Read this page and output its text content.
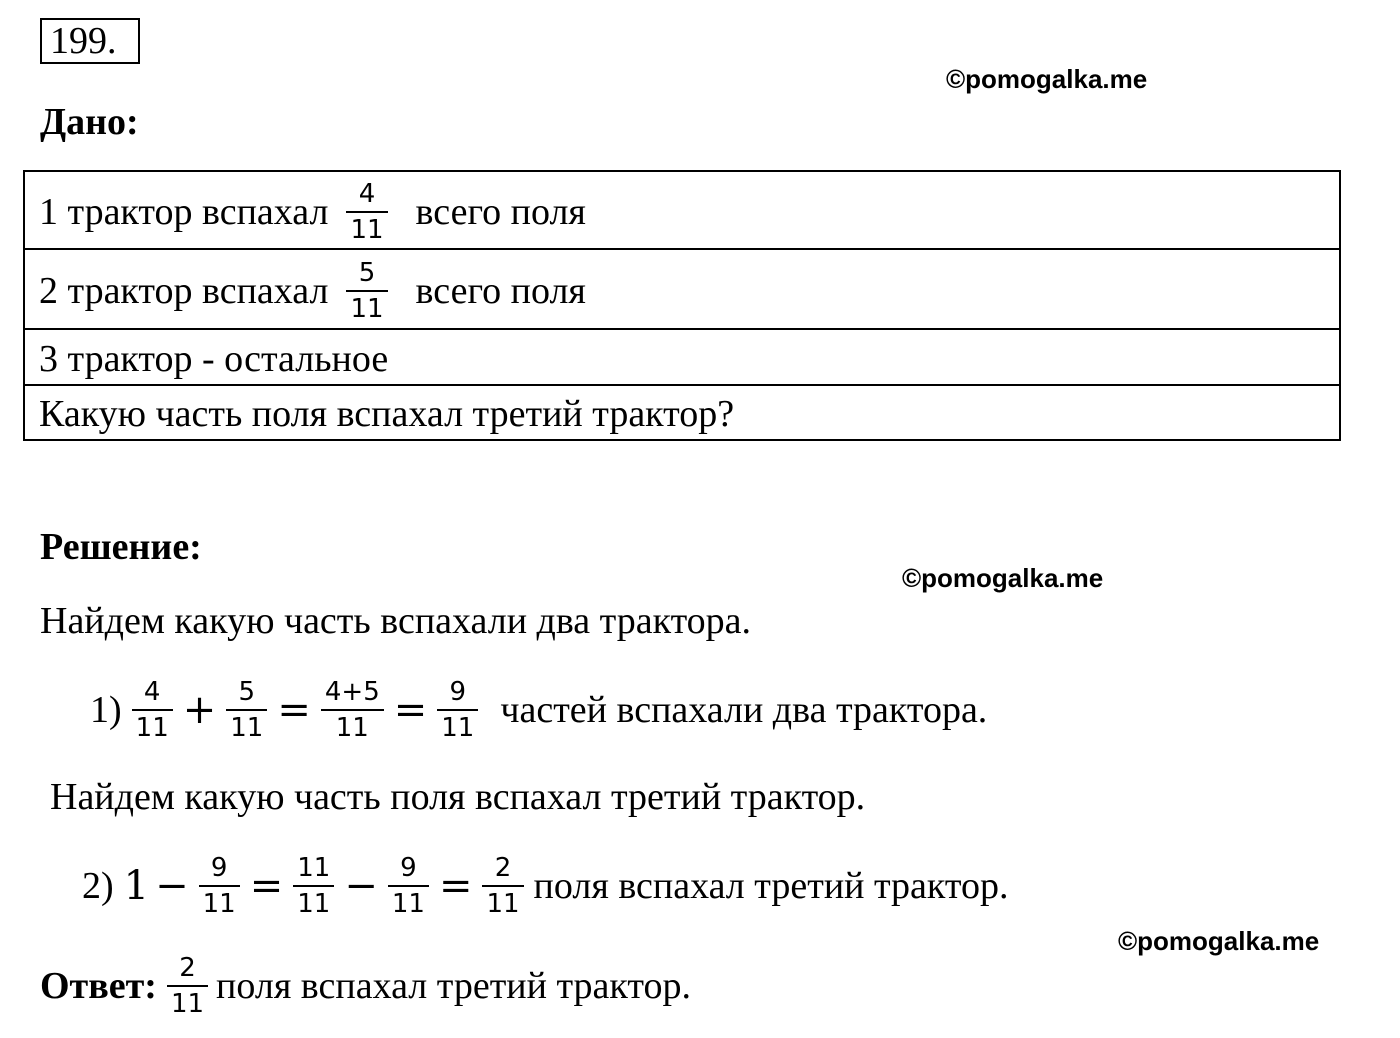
199.
©pomogalka.me
©pomogalka.me
©pomogalka.me
Дано:
1 трактор вспахал $\frac{4}{11}$ всего поля
2 трактор вспахал $\frac{5}{11}$ всего поля
3 трактор - остальное
Какую часть поля вспахал третий трактор?
Решение:
Найдем какую часть вспахали два трактора.
$1) \frac{4}{11} + \frac{5}{11} = \frac{4+5}{11} = \frac{9}{11}$ частей вспахали два трактора.
Найдем какую часть поля вспахал третий трактор.
2) $1 - \frac{9}{11} = \frac{11}{11} - \frac{9}{11} = \frac{2}{11}$ поля вспахал третий трактор.
Ответ: $\frac{2}{11}$ поля вспахал третий трактор.
